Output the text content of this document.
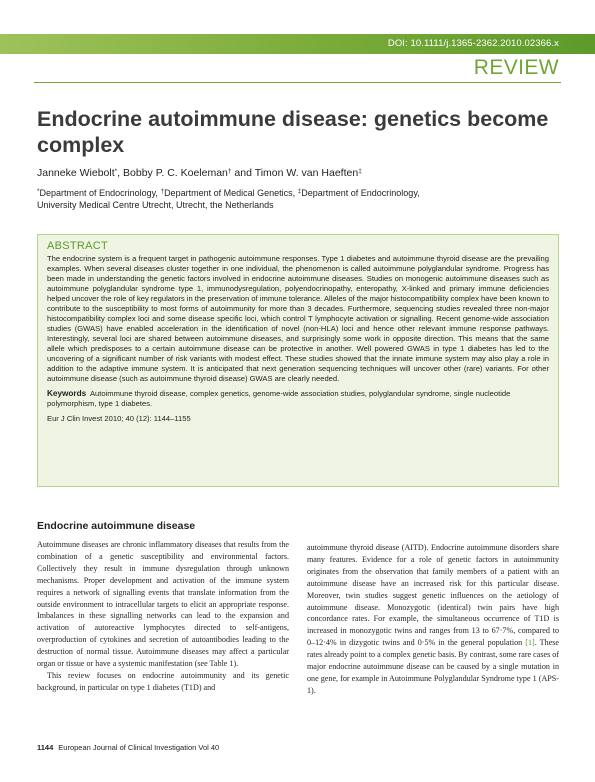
DOI: 10.1111/j.1365-2362.2010.02366.x
REVIEW
Endocrine autoimmune disease: genetics become complex
Janneke Wiebolt*, Bobby P. C. Koeleman† and Timon W. van Haeften‡
*Department of Endocrinology, †Department of Medical Genetics, ‡Department of Endocrinology,
University Medical Centre Utrecht, Utrecht, the Netherlands
ABSTRACT

The endocrine system is a frequent target in pathogenic autoimmune responses. Type 1 diabetes and autoimmune thyroid disease are the prevailing examples. When several diseases cluster together in one individual, the phenomenon is called autoimmune polyglandular syndrome. Progress has been made in understanding the genetic factors involved in endocrine autoimmune diseases. Studies on monogenic autoimmune diseases such as autoimmune polyglandular syndrome type 1, immunodysregulation, polyendocrinopathy, enteropathy, X-linked and primary immune deficiencies helped uncover the role of key regulators in the preservation of immune tolerance. Alleles of the major histocompatibility complex have been known to contribute to the susceptibility to most forms of autoimmunity for more than 3 decades. Furthermore, sequencing studies revealed three non-major histocompatibility complex loci and some disease specific loci, which control T lymphocyte activation or signalling. Recent genome-wide association studies (GWAS) have enabled acceleration in the identification of novel (non-HLA) loci and hence other relevant immune response pathways. Interestingly, several loci are shared between autoimmune diseases, and surprisingly some work in opposite direction. This means that the same allele which predisposes to a certain autoimmune disease can be protective in another. Well powered GWAS in type 1 diabetes has led to the uncovering of a significant number of risk variants with modest effect. These studies showed that the innate immune system may also play a role in addition to the adaptive immune system. It is anticipated that next generation sequencing techniques will uncover other (rare) variants. For other autoimmune disease (such as autoimmune thyroid disease) GWAS are clearly needed.

Keywords Autoimmune thyroid disease, complex genetics, genome-wide association studies, polyglandular syndrome, single nucleotide polymorphism, type 1 diabetes.
Eur J Clin Invest 2010; 40 (12): 1144–1155
Endocrine autoimmune disease

Autoimmune diseases are chronic inflammatory diseases that results from the combination of a genetic susceptibility and environmental factors. Collectively they result in immune dysregulation through unknown mechanisms. Proper development and activation of the immune system requires a network of signalling events that translate information from the outside environment to intracellular targets to elicit an appropriate response. Imbalances in these signalling networks can lead to the expansion and activation of autoreactive lymphocytes directed to self-antigens, overproduction of cytokines and secretion of autoantibodies leading to the destruction of normal tissue. Autoimmune diseases may affect a particular organ or tissue or have a systemic manifestation (see Table 1).

This review focuses on endocrine autoimmunity and its genetic background, in particular on type 1 diabetes (T1D) and

autoimmune thyroid disease (AITD). Endocrine autoimmune disorders share many features. Evidence for a role of genetic factors in autoimmunity originates from the observation that family members of a patient with an autoimmune disease have an increased risk for this particular disease. Moreover, twin studies suggest genetic influences on the aetiology of autoimmune disease. Monozygotic (identical) twin pairs have high concordance rates. For example, the simultaneous occurrence of T1D is increased in monozygotic twins and ranges from 13 to 67·7%, compared to 0–12·4% in dizygotic twins and 0·5% in the general population [1]. These rates already point to a complex genetic basis. By contrast, some rare cases of major endocrine autoimmune disease can be caused by a single mutation in one gene, for example in Autoimmune Polyglandular Syndrome type 1 (APS-1).

1144 European Journal of Clinical Investigation Vol 40
